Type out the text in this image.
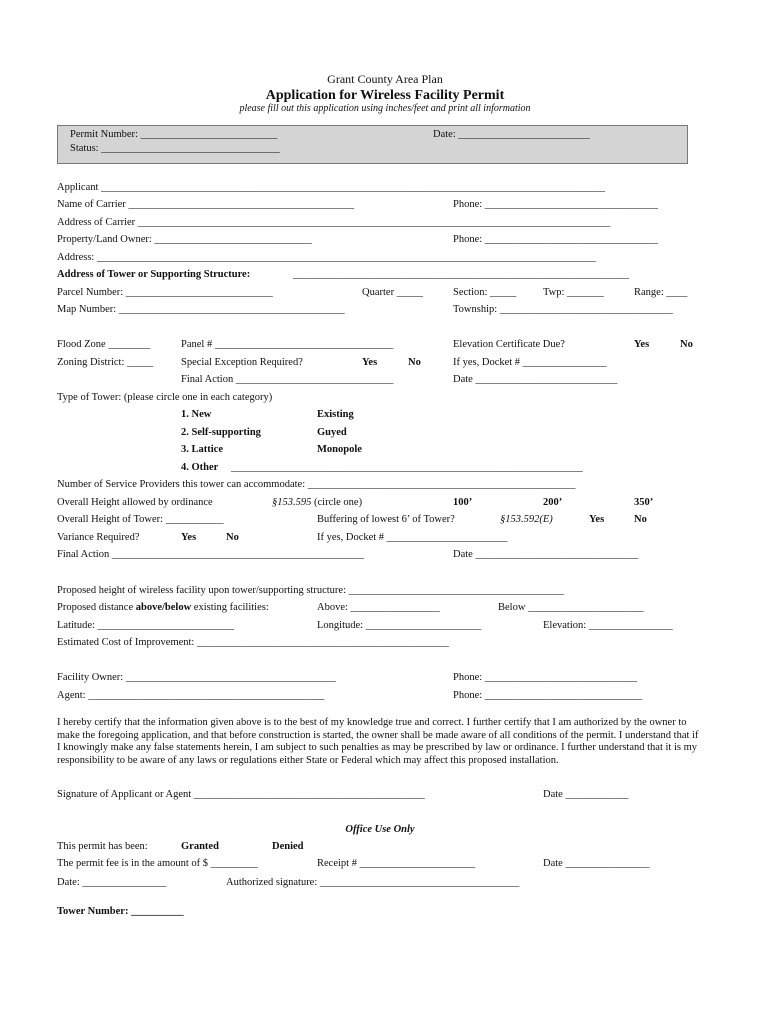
Grant County Area Plan
Application for Wireless Facility Permit
please fill out this application using inches/feet and print all information
Permit Number: __________________________	Date: _________________________
Status: __________________________________
Applicant ________________________________________________________________________________________________
Name of Carrier ___________________________________________	Phone: _________________________________
Address of Carrier __________________________________________________________________________________________
Property/Land Owner: ______________________________	Phone: _________________________________
Address: _______________________________________________________________________________________________
Address of Tower or Supporting Structure:	________________________________________________________________
Parcel Number: ____________________________	Quarter _____	Section: _____	Twp: _______	Range: ____
Map Number: ___________________________________________	Township: _________________________________
Flood Zone ________	Panel # __________________________________	Elevation Certificate Due?	Yes	No
Zoning District: _____	Special Exception Required?	Yes	No	If yes, Docket # ________________
Final Action ______________________________	Date ___________________________
Type of Tower: (please circle one in each category)
1. New	Existing
2. Self-supporting	Guyed
3. Lattice	Monopole
4. Other ___________________________________________________________________
Number of Service Providers this tower can accommodate: ___________________________________________________
Overall Height allowed by ordinance	§153.595 (circle one)	100’	200’	350’
Overall Height of Tower: ___________	Buffering of lowest 6’ of Tower?	§153.592(E)	Yes	No
Variance Required?	Yes	No	If yes, Docket # _______________________
Final Action ________________________________________________	Date _______________________________
Proposed height of wireless facility upon tower/supporting structure: _________________________________________
Proposed distance above/below existing facilities:	Above: _________________	Below ______________________
Latitude: __________________________	Longitude: ______________________	Elevation: ________________
Estimated Cost of Improvement: ________________________________________________
Facility Owner: ________________________________________	Phone: _____________________________
Agent: _____________________________________________	Phone: ______________________________
I hereby certify that the information given above is to the best of my knowledge true and correct. I further certify that I am authorized by the owner to make the foregoing application, and that before construction is started, the owner shall be made aware of all conditions of the permit. I understand that if I knowingly make any false statements herein, I am subject to such penalties as may be prescribed by law or ordinance. I further understand that it is my responsibility to be aware of any laws or regulations either State or Federal which may affect this proposed installation.
Signature of Applicant or Agent ____________________________________________	Date ____________
Office Use Only
This permit has been:	Granted	Denied
The permit fee is in the amount of $ _________	Receipt # ______________________	Date ________________
Date: ________________	Authorized signature: ______________________________________
Tower Number: __________
